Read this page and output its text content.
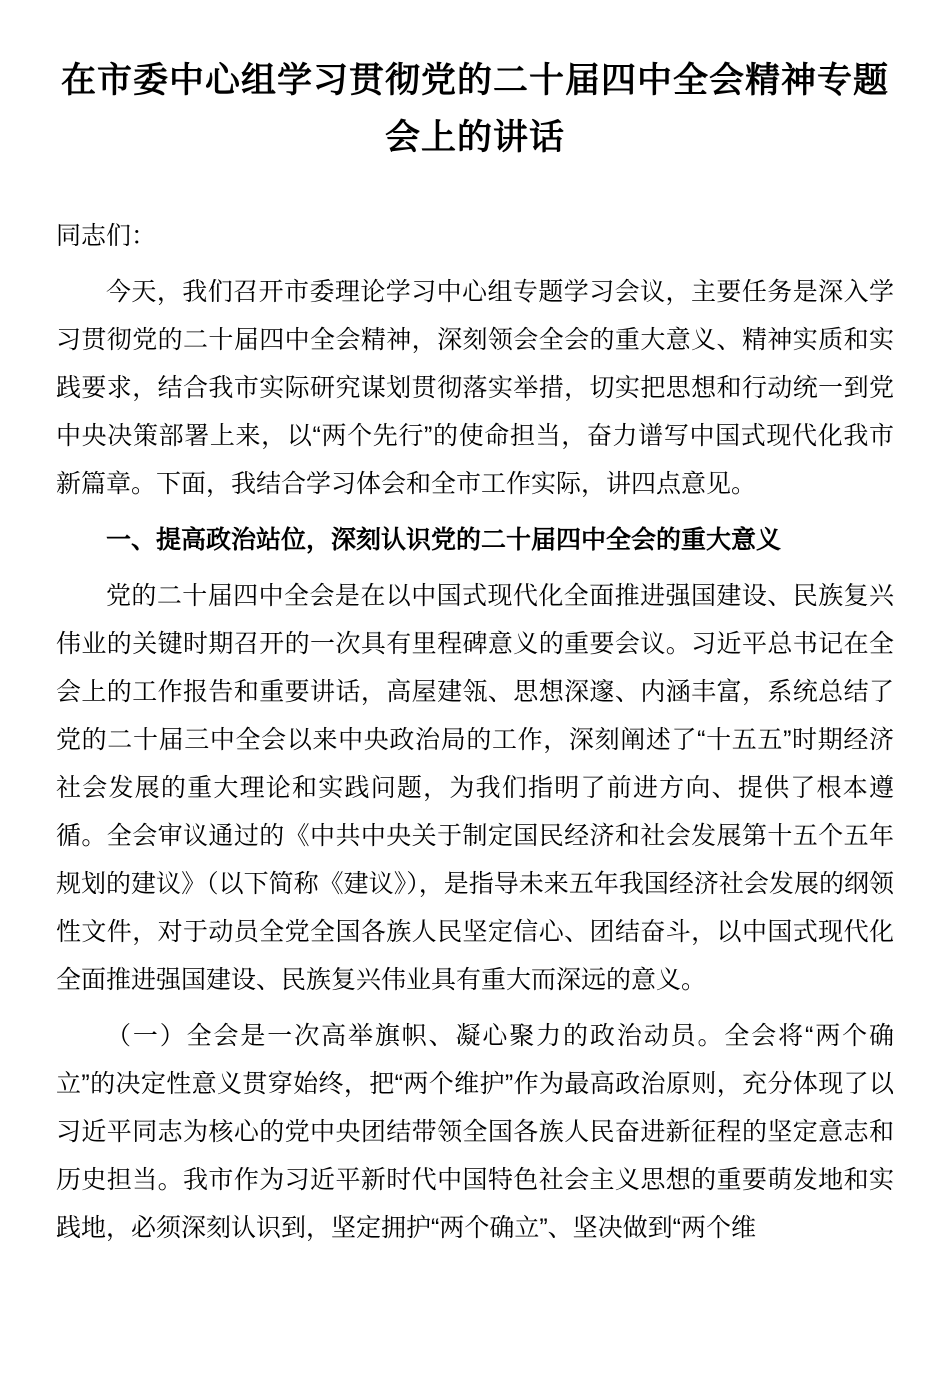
在市委中心组学习贯彻党的二十届四中全会精神专题
会上的讲话
同志们：
今天，我们召开市委理论学习中心组专题学习会议，主要任务是深入学习贯彻党的二十届四中全会精神，深刻领会全会的重大意义、精神实质和实践要求，结合我市实际研究谋划贯彻落实举措，切实把思想和行动统一到党中央决策部署上来，以“两个先行”的使命担当，奋力谱写中国式现代化我市新篇章。下面，我结合学习体会和全市工作实际，讲四点意见。
一、提高政治站位，深刻认识党的二十届四中全会的重大意义
党的二十届四中全会是在以中国式现代化全面推进强国建设、民族复兴伟业的关键时期召开的一次具有里程碑意义的重要会议。习近平总书记在全会上的工作报告和重要讲话，高屋建瓴、思想深邃、内涵丰富，系统总结了党的二十届三中全会以来中央政治局的工作，深刻阐述了“十五五”时期经济社会发展的重大理论和实践问题，为我们指明了前进方向、提供了根本遵循。全会审议通过的《中共中央关于制定国民经济和社会发展第十五个五年规划的建议》（以下简称《建议》），是指导未来五年我国经济社会发展的纲领性文件，对于动员全党全国各族人民坚定信心、团结奋斗，以中国式现代化全面推进强国建设、民族复兴伟业具有重大而深远的意义。
（一）全会是一次高举旗帜、凝心聚力的政治动员。全会将“两个确立”的决定性意义贯穿始终，把“两个维护”作为最高政治原则，充分体现了以习近平同志为核心的党中央团结带领全国各族人民奋进新征程的坚定意志和历史担当。我市作为习近平新时代中国特色社会主义思想的重要萌发地和实践地，必须深刻认识到，坚定拥护“两个确立”、坚决做到“两个维
